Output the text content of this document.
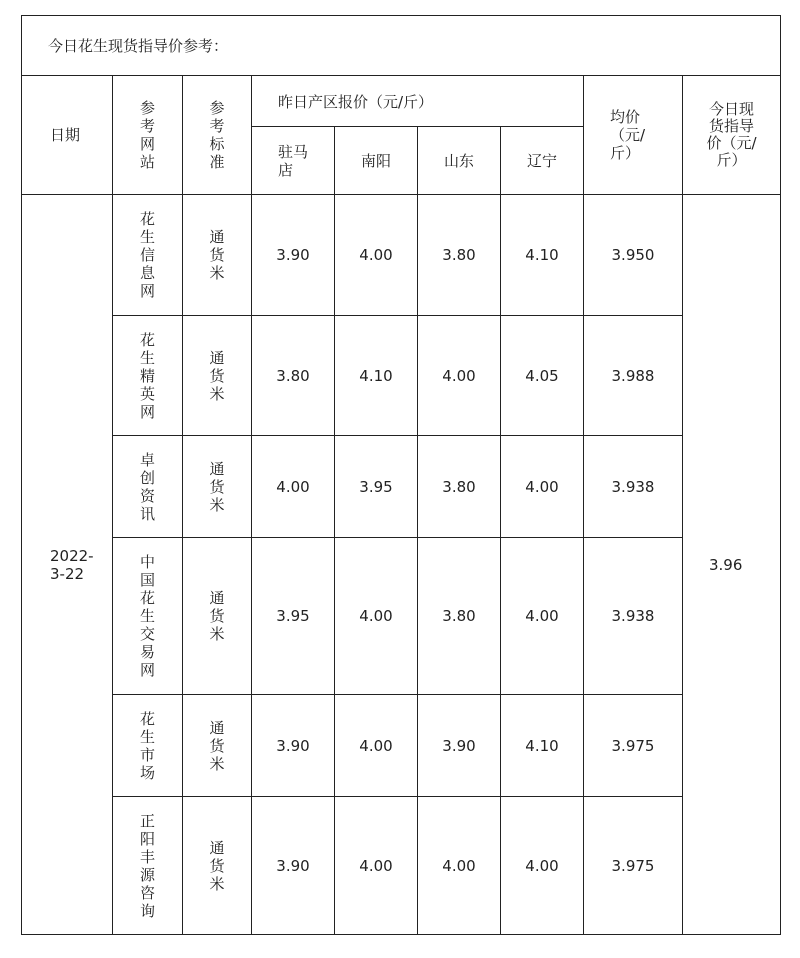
今日花生现货指导价参考：								

日期	参考网站	参考标准	昨日产区报价（元/斤）				均价（元/斤）	今日现货指导价（元/斤）

			驻马店	南阳	山东	辽宁		

2022-3-22	花生信息网	通货米	3.90	4.00	3.80	4.10	3.950	3.96

	花生精英网	通货米	3.80	4.10	4.00	4.05	3.988	

	卓创资讯	通货米	4.00	3.95	3.80	4.00	3.938	

	中国花生交易网	通货米	3.95	4.00	3.80	4.00	3.938	

	花生市场	通货米	3.90	4.00	3.90	4.10	3.975	

	正阳丰源咨询	通货米	3.90	4.00	4.00	4.00	3.975	
